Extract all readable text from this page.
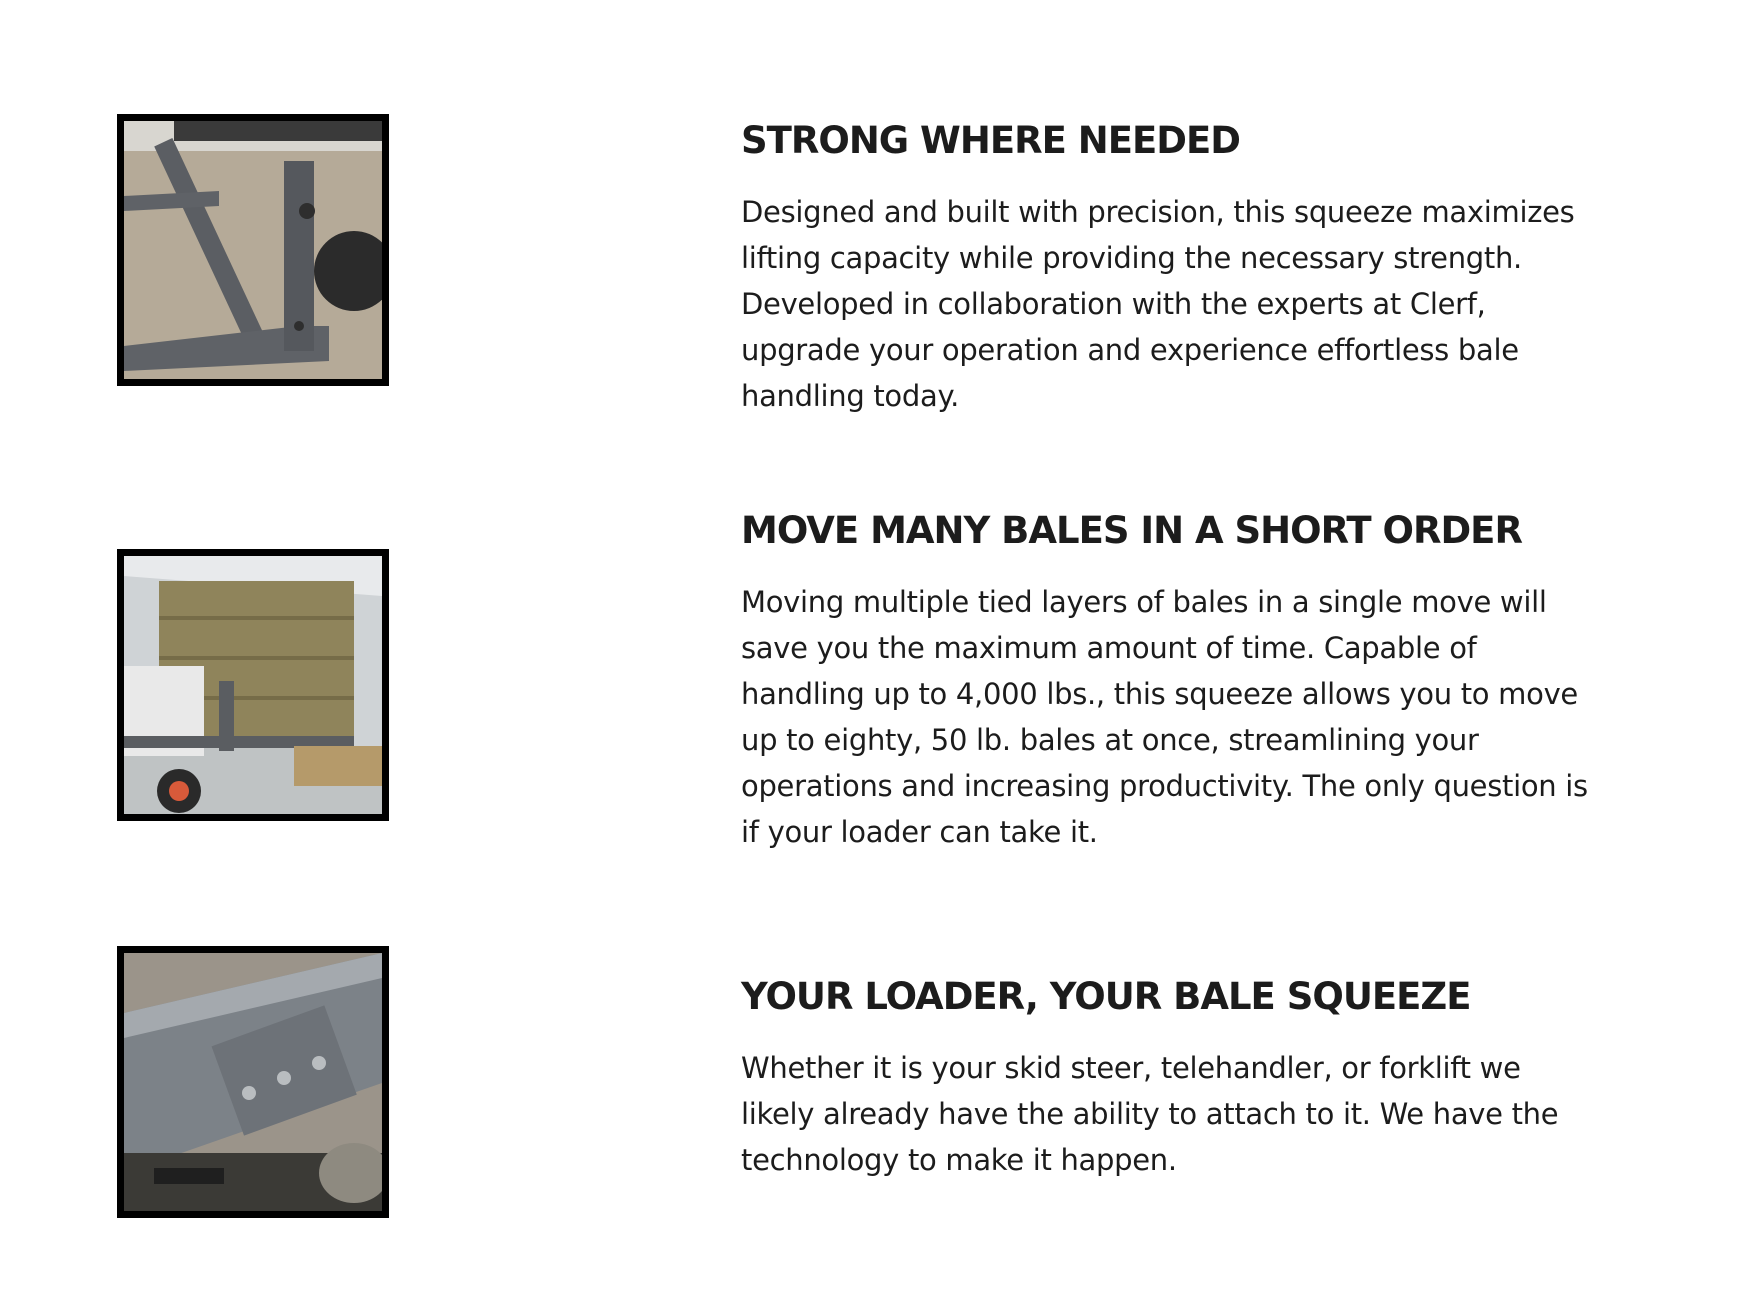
STRONG WHERE NEEDED

Designed and built with precision, this squeeze maximizes lifting capacity while providing the necessary strength. Developed in collaboration with the experts at Clerf, upgrade your operation and experience effortless bale handling today.

MOVE MANY BALES IN A SHORT ORDER

Moving multiple tied layers of bales in a single move will save you the maximum amount of time. Capable of handling up to 4,000 lbs., this squeeze allows you to move up to eighty, 50 lb. bales at once, streamlining your operations and increasing productivity. The only question is if your loader can take it.

YOUR LOADER, YOUR BALE SQUEEZE

Whether it is your skid steer, telehandler, or forklift we likely already have the ability to attach to it. We have the technology to make it happen.
